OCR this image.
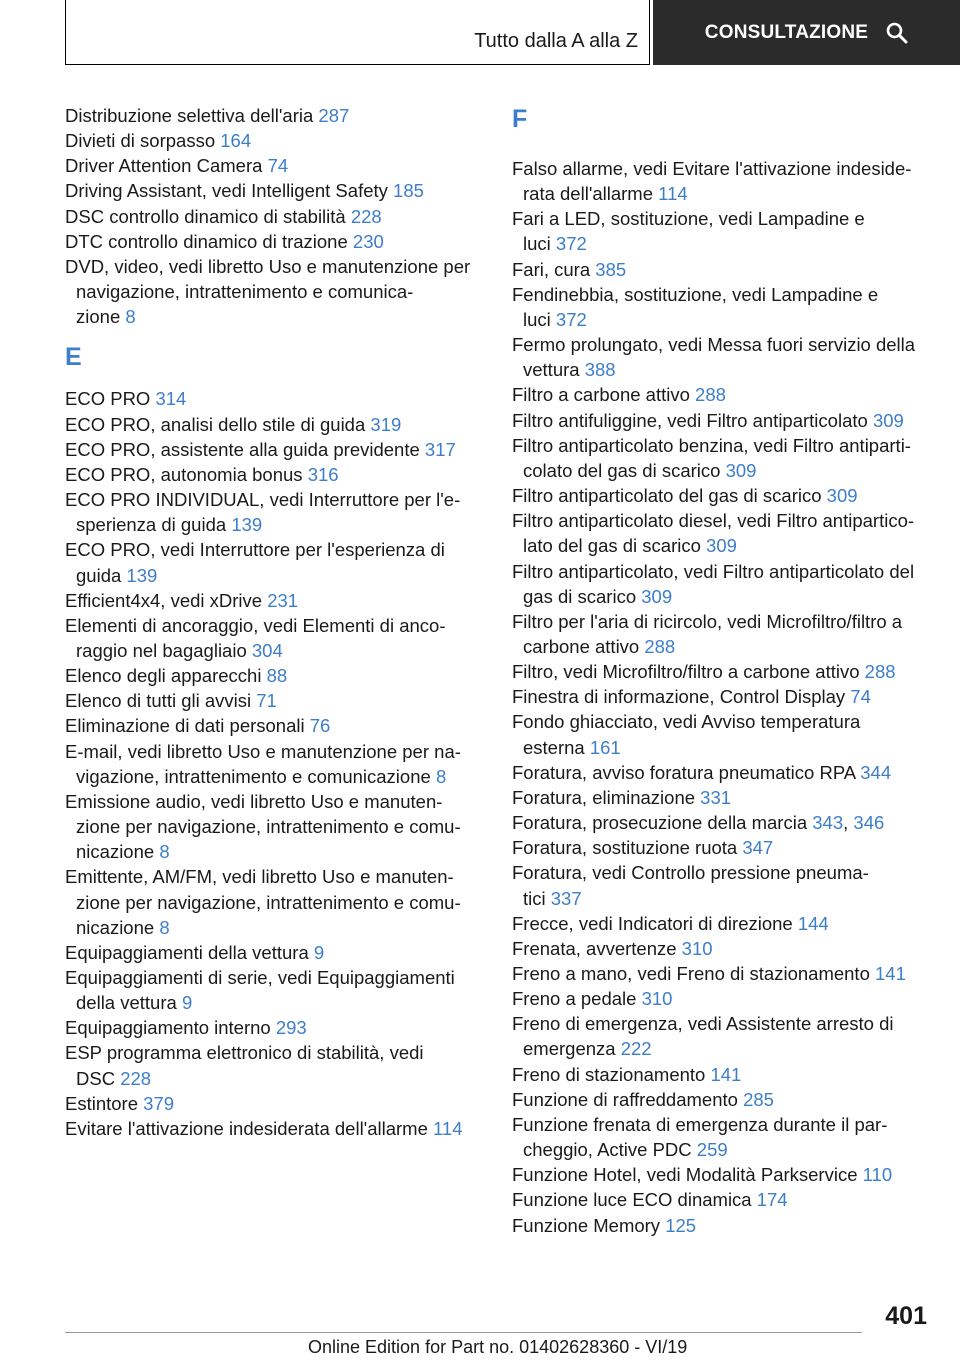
Tutto dalla A alla Z	CONSULTAZIONE
Distribuzione selettiva dell'aria 287
Divieti di sorpasso 164
Driver Attention Camera 74
Driving Assistant, vedi Intelligent Safety 185
DSC controllo dinamico di stabilità 228
DTC controllo dinamico di trazione 230
DVD, video, vedi libretto Uso e manutenzione per
navigazione, intrattenimento e comunica‐
zione 8
E
ECO PRO 314
ECO PRO, analisi dello stile di guida 319
ECO PRO, assistente alla guida previdente 317
ECO PRO, autonomia bonus 316
ECO PRO INDIVIDUAL, vedi Interruttore per l'e‐
sperienza di guida 139
ECO PRO, vedi Interruttore per l'esperienza di
guida 139
Efficient4x4, vedi xDrive 231
Elementi di ancoraggio, vedi Elementi di anco‐
raggio nel bagagliaio 304
Elenco degli apparecchi 88
Elenco di tutti gli avvisi 71
Eliminazione di dati personali 76
E-mail, vedi libretto Uso e manutenzione per na‐
vigazione, intrattenimento e comunicazione 8
Emissione audio, vedi libretto Uso e manuten‐
zione per navigazione, intrattenimento e comu‐
nicazione 8
Emittente, AM/FM, vedi libretto Uso e manuten‐
zione per navigazione, intrattenimento e comu‐
nicazione 8
Equipaggiamenti della vettura 9
Equipaggiamenti di serie, vedi Equipaggiamenti
della vettura 9
Equipaggiamento interno 293
ESP programma elettronico di stabilità, vedi
DSC 228
Estintore 379
Evitare l'attivazione indesiderata dell'allarme 114
F
Falso allarme, vedi Evitare l'attivazione indeside‐
rata dell'allarme 114
Fari a LED, sostituzione, vedi Lampadine e
luci 372
Fari, cura 385
Fendinebbia, sostituzione, vedi Lampadine e
luci 372
Fermo prolungato, vedi Messa fuori servizio della
vettura 388
Filtro a carbone attivo 288
Filtro antifuliggine, vedi Filtro antiparticolato 309
Filtro antiparticolato benzina, vedi Filtro antiparti‐
colato del gas di scarico 309
Filtro antiparticolato del gas di scarico 309
Filtro antiparticolato diesel, vedi Filtro antipartico‐
lato del gas di scarico 309
Filtro antiparticolato, vedi Filtro antiparticolato del
gas di scarico 309
Filtro per l'aria di ricircolo, vedi Microfiltro/filtro a
carbone attivo 288
Filtro, vedi Microfiltro/filtro a carbone attivo 288
Finestra di informazione, Control Display 74
Fondo ghiacciato, vedi Avviso temperatura
esterna 161
Foratura, avviso foratura pneumatico RPA 344
Foratura, eliminazione 331
Foratura, prosecuzione della marcia 343, 346
Foratura, sostituzione ruota 347
Foratura, vedi Controllo pressione pneuma‐
tici 337
Frecce, vedi Indicatori di direzione 144
Frenata, avvertenze 310
Freno a mano, vedi Freno di stazionamento 141
Freno a pedale 310
Freno di emergenza, vedi Assistente arresto di
emergenza 222
Freno di stazionamento 141
Funzione di raffreddamento 285
Funzione frenata di emergenza durante il par‐
cheggio, Active PDC 259
Funzione Hotel, vedi Modalità Parkservice 110
Funzione luce ECO dinamica 174
Funzione Memory 125
401
Online Edition for Part no. 01402628360 - VI/19
